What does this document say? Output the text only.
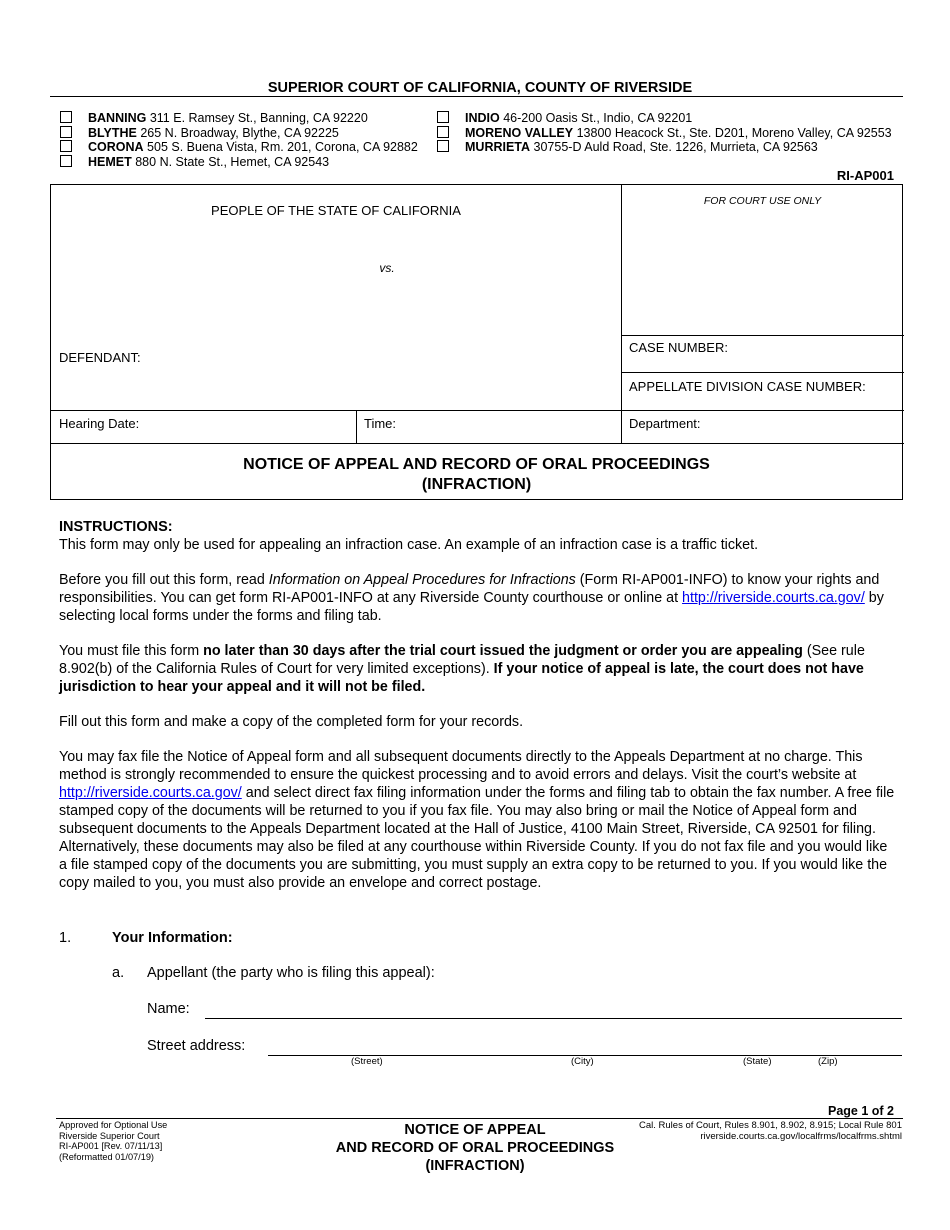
SUPERIOR COURT OF CALIFORNIA, COUNTY OF RIVERSIDE
BANNING 311 E. Ramsey St., Banning, CA 92220
BLYTHE 265 N. Broadway, Blythe, CA 92225
CORONA 505 S. Buena Vista, Rm. 201, Corona, CA 92882
HEMET 880 N. State St., Hemet, CA 92543
INDIO 46-200 Oasis St., Indio, CA 92201
MORENO VALLEY 13800 Heacock St., Ste. D201, Moreno Valley, CA 92553
MURRIETA 30755-D Auld Road, Ste. 1226, Murrieta, CA 92563
RI-AP001
PEOPLE OF THE STATE OF CALIFORNIA
vs.
DEFENDANT:
FOR COURT USE ONLY
CASE NUMBER:
APPELLATE DIVISION CASE NUMBER:
Hearing Date:	Time:	Department:
NOTICE OF APPEAL AND RECORD OF ORAL PROCEEDINGS
(INFRACTION)

INSTRUCTIONS:

This form may only be used for appealing an infraction case. An example of an infraction case is a traffic ticket.

Before you fill out this form, read Information on Appeal Procedures for Infractions (Form RI-AP001-INFO) to know your rights and responsibilities. You can get form RI-AP001-INFO at any Riverside County courthouse or online at http://riverside.courts.ca.gov/ by selecting local forms under the forms and filing tab.

You must file this form no later than 30 days after the trial court issued the judgment or order you are appealing (See rule 8.902(b) of the California Rules of Court for very limited exceptions). If your notice of appeal is late, the court does not have jurisdiction to hear your appeal and it will not be filed.

Fill out this form and make a copy of the completed form for your records.

You may fax file the Notice of Appeal form and all subsequent documents directly to the Appeals Department at no charge. This method is strongly recommended to ensure the quickest processing and to avoid errors and delays. Visit the court’s website at http://riverside.courts.ca.gov/ and select direct fax filing information under the forms and filing tab to obtain the fax number. A free file stamped copy of the documents will be returned to you if you fax file. You may also bring or mail the Notice of Appeal form and subsequent documents to the Appeals Department located at the Hall of Justice, 4100 Main Street, Riverside, CA 92501 for filing. Alternatively, these documents may also be filed at any courthouse within Riverside County. If you do not fax file and you would like a file stamped copy of the documents you are submitting, you must supply an extra copy to be returned to you. If you would like the copy mailed to you, you must also provide an envelope and correct postage.

1.	Your Information:
a. Appellant (the party who is filing this appeal):
Name:
Street address:
(Street)	(City)	(State)	(Zip)
Page 1 of 2
Approved for Optional Use
Riverside Superior Court
RI-AP001 [Rev. 07/11/13]
(Reformatted 01/07/19)
NOTICE OF APPEAL
AND RECORD OF ORAL PROCEEDINGS
(INFRACTION)
Cal. Rules of Court, Rules 8.901, 8.902, 8.915; Local Rule 801
riverside.courts.ca.gov/localfrms/localfrms.shtml
